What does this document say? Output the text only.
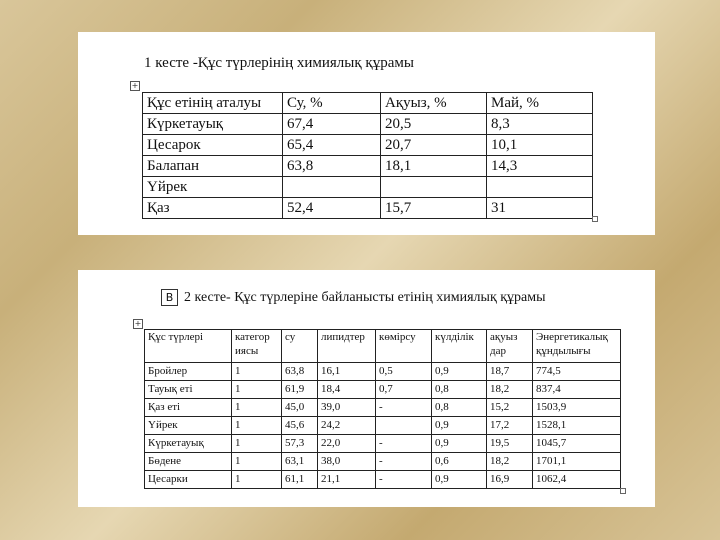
1 кесте -Құс түрлерінің химиялық құрамы
+
Құс етінің аталуы	Су, %	Ақуыз, %	Май, %
Күркетауық	67,4	20,5	8,3
Цесарок	65,4	20,7	10,1
Балапан	63,8	18,1	14,3
Үйрек			
Қаз	52,4	15,7	31
B 2 кесте- Құс түрлеріне байланысты етінің химиялық құрамы
+
Құс түрлері	категор иясы	су	липидтер	көмірсу	күлділік	ақуыз дар	Энергетикалық құндылығы
Бройлер	1	63,8	16,1	0,5	0,9	18,7	774,5
Тауық еті	1	61,9	18,4	0,7	0,8	18,2	837,4
Қаз еті	1	45,0	39,0	-	0,8	15,2	1503,9
Үйрек	1	45,6	24,2		0,9	17,2	1528,1
Күркетауық	1	57,3	22,0	-	0,9	19,5	1045,7
Бөдене	1	63,1	38,0	-	0,6	18,2	1701,1
Цесарки	1	61,1	21,1	-	0,9	16,9	1062,4
